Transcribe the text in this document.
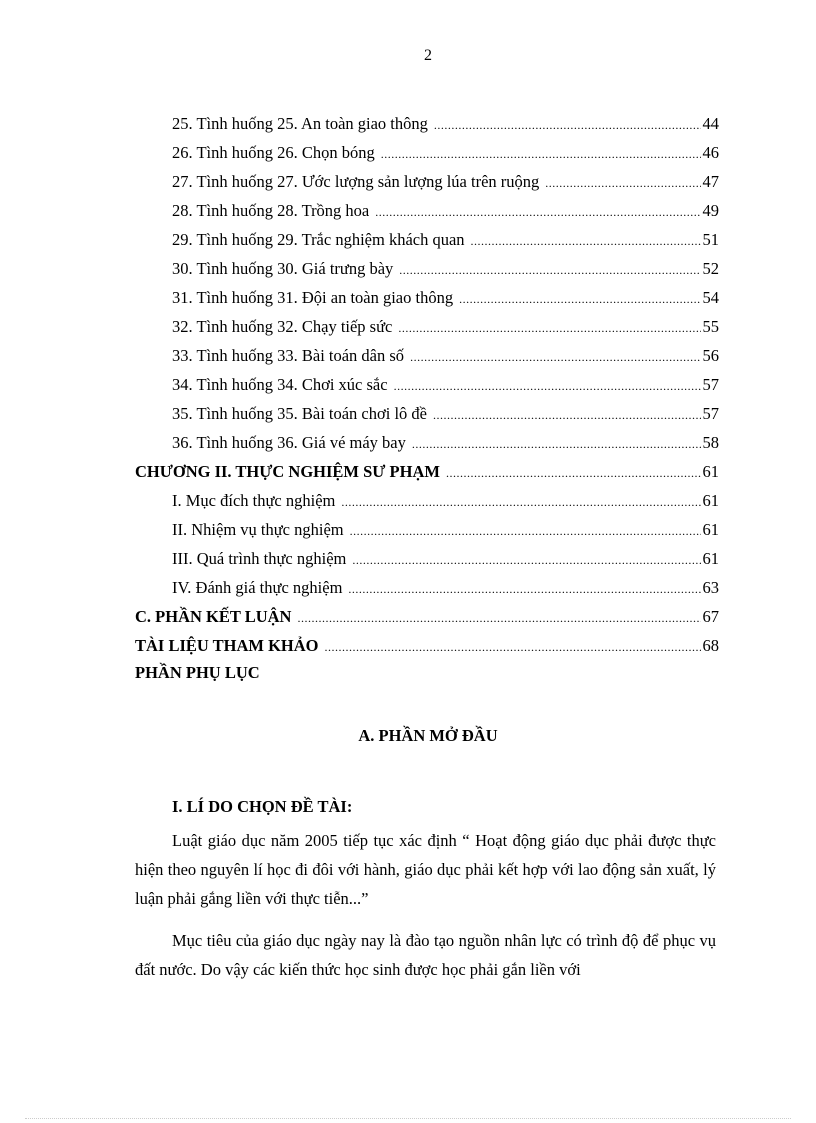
2
25. Tình huống 25. An toàn giao thông .....	44
26. Tình huống 26. Chọn bóng .....	46
27. Tình huống 27. Ước lượng sản lượng lúa trên ruộng .....	47
28. Tình huống 28. Trồng hoa .....	49
29. Tình huống 29. Trắc nghiệm khách quan .....	51
30. Tình huống 30. Giá trưng bày .....	52
31. Tình huống 31. Đội an toàn giao thông .....	54
32. Tình huống 32. Chạy tiếp sức .....	55
33. Tình huống 33. Bài toán dân số .....	56
34. Tình huống 34. Chơi xúc sắc .....	57
35. Tình huống 35. Bài toán chơi lô đề .....	57
36. Tình huống 36. Giá vé máy bay .....	58
CHƯƠNG II. THỰC NGHIỆM SƯ PHẠM .....	61
I. Mục đích thực nghiệm .....	61
II. Nhiệm vụ thực nghiệm .....	61
III. Quá trình thực nghiệm .....	61
IV. Đánh giá thực nghiệm .....	63
C. PHẦN KẾT LUẬN .....	67
TÀI LIỆU THAM KHẢO .....	68
PHẦN PHỤ LỤC
A. PHẦN MỞ ĐẦU
I. LÍ DO CHỌN ĐỀ TÀI:

Luật giáo dục năm 2005 tiếp tục xác định “ Hoạt động giáo dục phải được thực hiện theo nguyên lí học đi đôi với hành, giáo dục phải kết hợp với lao động sản xuất, lý luận phải gắng liền với thực tiễn...”

Mục tiêu của giáo dục ngày nay là đào tạo nguồn nhân lực có trình độ để phục vụ đất nước. Do vậy các kiến thức học sinh được học phải gắn liền với
